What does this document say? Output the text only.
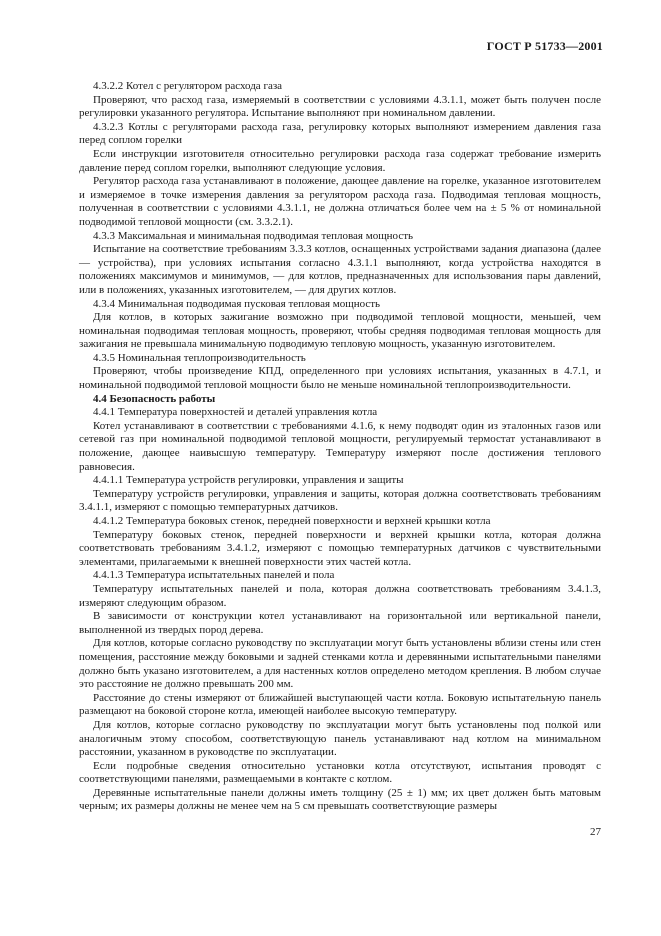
ГОСТ Р 51733—2001

4.3.2.2 Котел с регулятором расхода газа

Проверяют, что расход газа, измеряемый в соответствии с условиями 4.3.1.1, может быть получен после регулировки указанного регулятора. Испытание выполняют при номинальном давлении.

4.3.2.3 Котлы с регуляторами расхода газа, регулировку которых выполняют измерением давления газа перед соплом горелки

Если инструкции изготовителя относительно регулировки расхода газа содержат требование измерить давление перед соплом горелки, выполняют следующие условия.

Регулятор расхода газа устанавливают в положение, дающее давление на горелке, указанное изготовителем и измеряемое в точке измерения давления за регулятором расхода газа. Подводимая тепловая мощность, полученная в соответствии с условиями 4.3.1.1, не должна отличаться более чем на ± 5 % от номинальной подводимой тепловой мощности (см. 3.3.2.1).

4.3.3 Максимальная и минимальная подводимая тепловая мощность

Испытание на соответствие требованиям 3.3.3 котлов, оснащенных устройствами задания диапазона (далее — устройства), при условиях испытания согласно 4.3.1.1 выполняют, когда устройства находятся в положениях максимумов и минимумов, — для котлов, предназначенных для использования пары давлений, или в положениях, указанных изготовителем, — для других котлов.

4.3.4 Минимальная подводимая пусковая тепловая мощность

Для котлов, в которых зажигание возможно при подводимой тепловой мощности, меньшей, чем номинальная подводимая тепловая мощность, проверяют, чтобы средняя подводимая тепловая мощность для зажигания не превышала минимальную подводимую тепловую мощность, указанную изготовителем.

4.3.5 Номинальная теплопроизводительность

Проверяют, чтобы произведение КПД, определенного при условиях испытания, указанных в 4.7.1, и номинальной подводимой тепловой мощности было не меньше номинальной теплопроизводительности.

4.4 Безопасность работы

4.4.1 Температура поверхностей и деталей управления котла

Котел устанавливают в соответствии с требованиями 4.1.6, к нему подводят один из эталонных газов или сетевой газ при номинальной подводимой тепловой мощности, регулируемый термостат устанавливают в положение, дающее наивысшую температуру. Температуру измеряют после достижения теплового равновесия.

4.4.1.1 Температура устройств регулировки, управления и защиты

Температуру устройств регулировки, управления и защиты, которая должна соответствовать требованиям 3.4.1.1, измеряют с помощью температурных датчиков.

4.4.1.2 Температура боковых стенок, передней поверхности и верхней крышки котла

Температуру боковых стенок, передней поверхности и верхней крышки котла, которая должна соответствовать требованиям 3.4.1.2, измеряют с помощью температурных датчиков с чувствительными элементами, прилагаемыми к внешней поверхности этих частей котла.

4.4.1.3 Температура испытательных панелей и пола

Температуру испытательных панелей и пола, которая должна соответствовать требованиям 3.4.1.3, измеряют следующим образом.

В зависимости от конструкции котел устанавливают на горизонтальной или вертикальной панели, выполненной из твердых пород дерева.

Для котлов, которые согласно руководству по эксплуатации могут быть установлены вблизи стены или стен помещения, расстояние между боковыми и задней стенками котла и деревянными испытательными панелями должно быть указано изготовителем, а для настенных котлов определено методом крепления. В любом случае это расстояние не должно превышать 200 мм.

Расстояние до стены измеряют от ближайшей выступающей части котла. Боковую испытательную панель размещают на боковой стороне котла, имеющей наиболее высокую температуру.

Для котлов, которые согласно руководству по эксплуатации могут быть установлены под полкой или аналогичным этому способом, соответствующую панель устанавливают над котлом на минимальном расстоянии, указанном в руководстве по эксплуатации.

Если подробные сведения относительно установки котла отсутствуют, испытания проводят с соответствующими панелями, размещаемыми в контакте с котлом.

Деревянные испытательные панели должны иметь толщину (25 ± 1) мм; их цвет должен быть матовым черным; их размеры должны не менее чем на 5 см превышать соответствующие размеры

27
